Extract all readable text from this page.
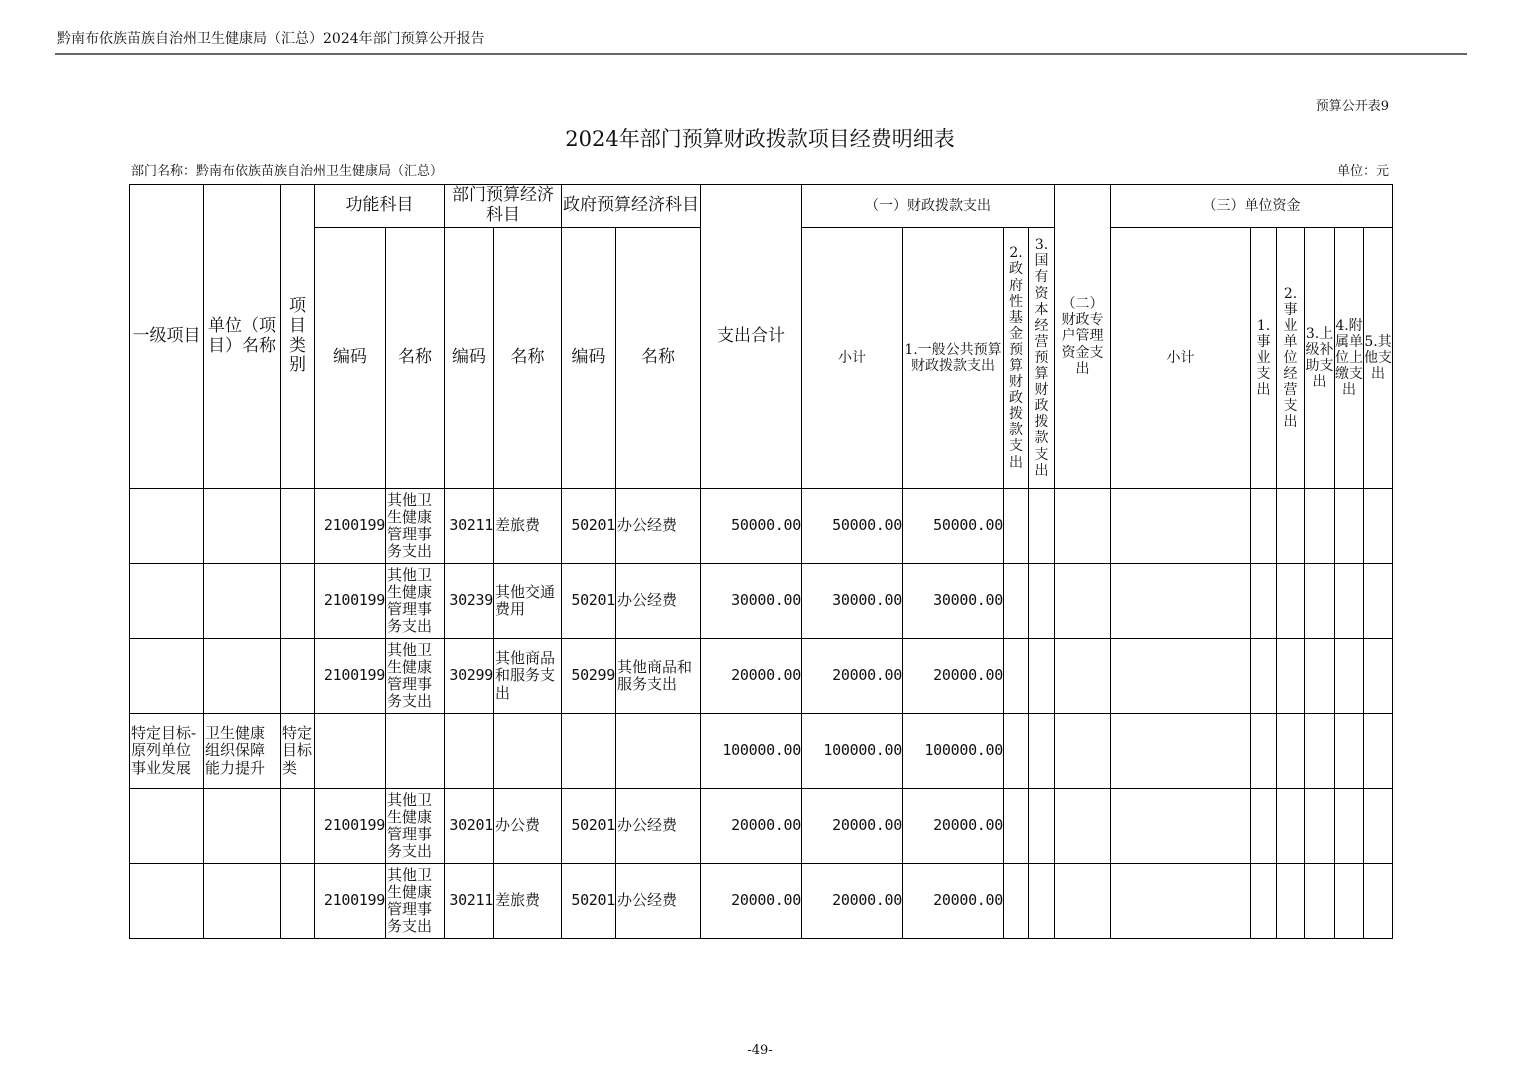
黔南布依族苗族自治州卫生健康局（汇总）2024年部门预算公开报告
预算公开表9
2024年部门预算财政拨款项目经费明细表
部门名称：黔南布依族苗族自治州卫生健康局（汇总）	单位：元
一级项目	单位（项目）名称	项目类别	功能科目		部门预算经济科目		政府预算经济科目		支出合计	（一）财政拨款支出				（二）财政专户管理资金支出	（三）单位资金					
			编码	名称	编码	名称	编码	名称		小计	1.一般公共预算财政拨款支出	2.政府性基金预算财政拨款支出	3.国有资本经营预算财政拨款支出		小计	1.事业支出	2.事业单位经营支出	3.上级补助支出	4.附属单位上缴支出	5.其他支出
			2100199	其他卫生健康管理事务支出	30211	差旅费	50201	办公经费	50000.00	50000.00	50000.00									
			2100199	其他卫生健康管理事务支出	30239	其他交通费用	50201	办公经费	30000.00	30000.00	30000.00									
			2100199	其他卫生健康管理事务支出	30299	其他商品和服务支出	50299	其他商品和服务支出	20000.00	20000.00	20000.00									
特定目标-原列单位事业发展	卫生健康组织保障能力提升	特定目标类							100000.00	100000.00	100000.00									
			2100199	其他卫生健康管理事务支出	30201	办公费	50201	办公经费	20000.00	20000.00	20000.00									
			2100199	其他卫生健康管理事务支出	30211	差旅费	50201	办公经费	20000.00	20000.00	20000.00									
-49-
